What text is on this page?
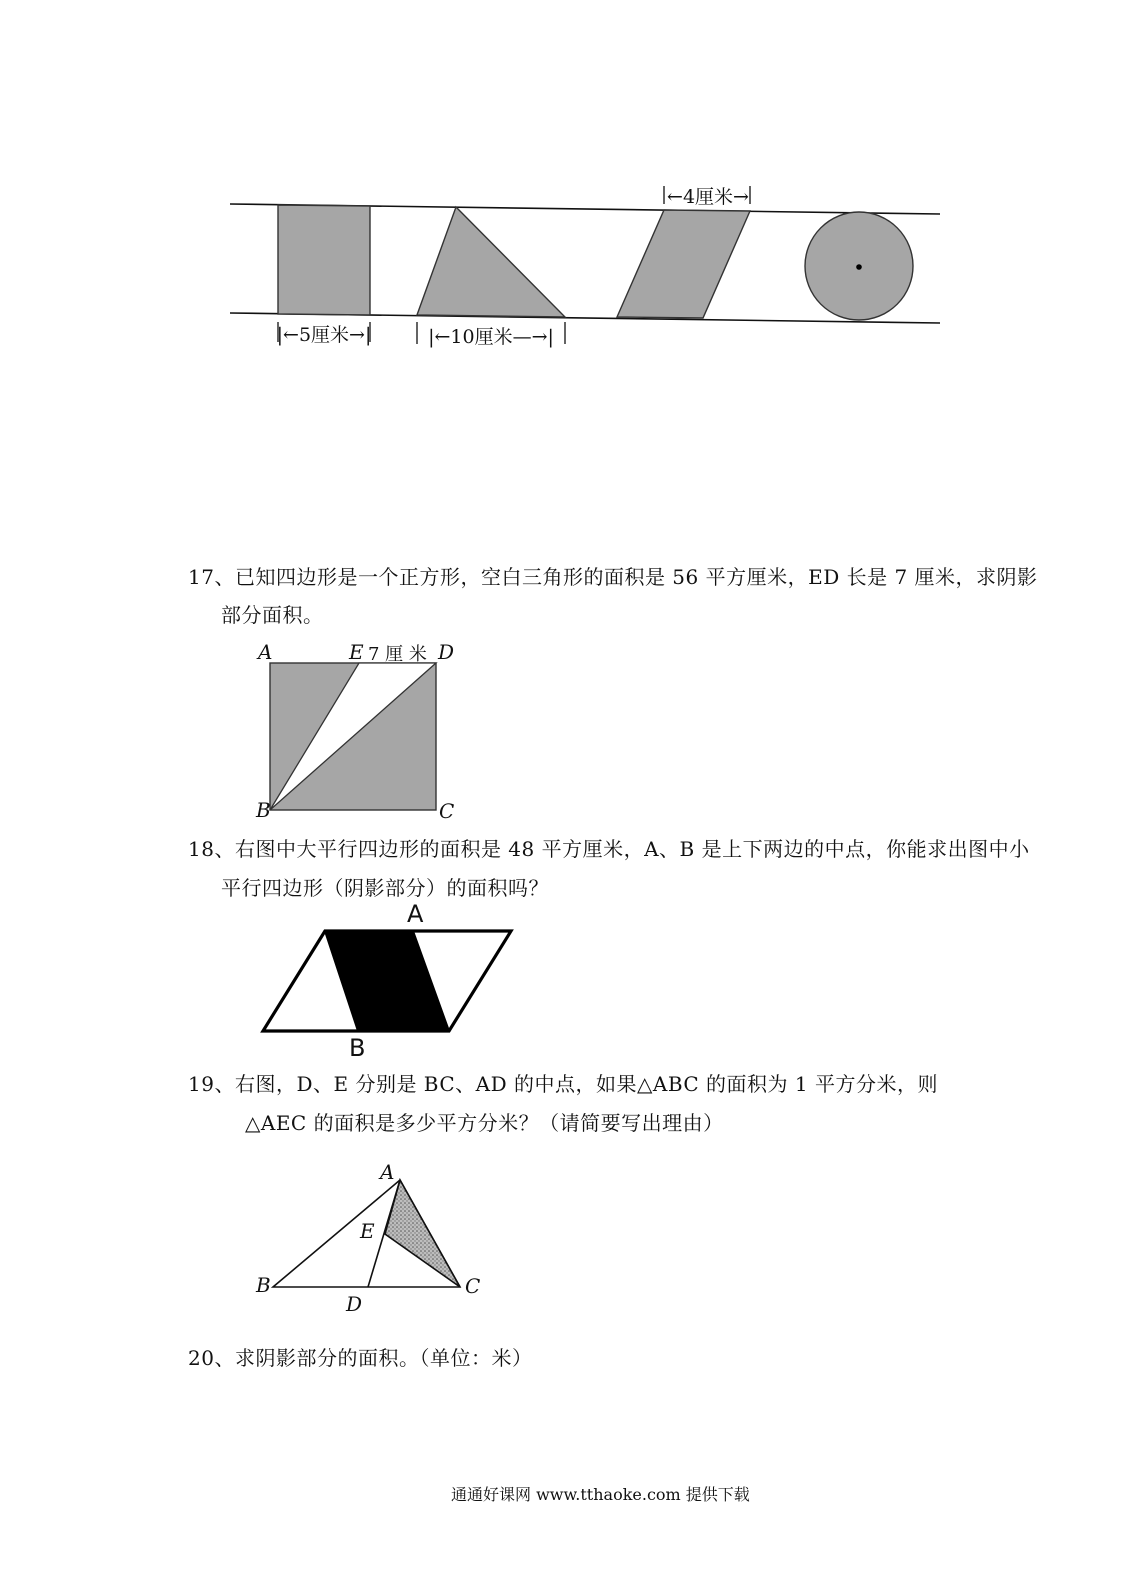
←4厘米→
|←5厘米→|	|←10厘米—→|
17、已知四边形是一个正方形，空白三角形的面积是 56 平方厘米，ED 长是 7 厘米，求阴影
部分面积。
A	E 7 厘 米 D
B	C
18、右图中大平行四边形的面积是 48 平方厘米，A、B 是上下两边的中点，你能求出图中小
平行四边形（阴影部分）的面积吗？
A
B
19、右图，D、E 分别是 BC、AD 的中点，如果△ABC 的面积为 1 平方分米，则
△AEC 的面积是多少平方分米？（请简要写出理由）
A
E
B
D
C
20、求阴影部分的面积。（单位：米）
通通好课网 www.tthaoke.com 提供下载
